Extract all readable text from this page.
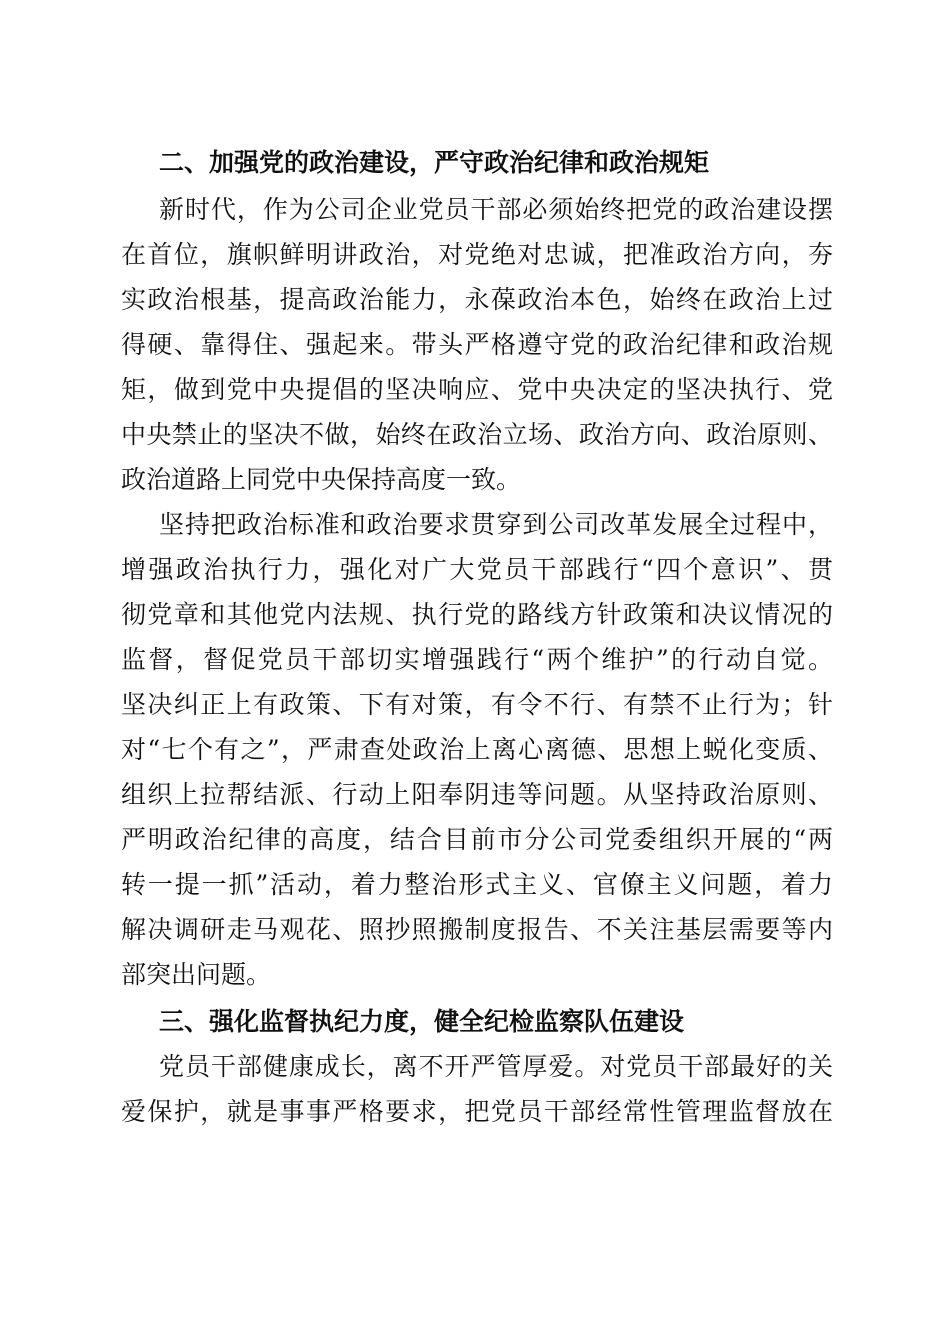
二、加强党的政治建设，严守政治纪律和政治规矩
新时代，作为公司企业党员干部必须始终把党的政治建设摆
在首位，旗帜鲜明讲政治，对党绝对忠诚，把准政治方向，夯
实政治根基，提高政治能力，永葆政治本色，始终在政治上过
得硬、靠得住、强起来。带头严格遵守党的政治纪律和政治规
矩，做到党中央提倡的坚决响应、党中央决定的坚决执行、党
中央禁止的坚决不做，始终在政治立场、政治方向、政治原则、
政治道路上同党中央保持高度一致。
坚持把政治标准和政治要求贯穿到公司改革发展全过程中，
增强政治执行力，强化对广大党员干部践行“四个意识”、贯
彻党章和其他党内法规、执行党的路线方针政策和决议情况的
监督，督促党员干部切实增强践行“两个维护”的行动自觉。
坚决纠正上有政策、下有对策，有令不行、有禁不止行为；针
对“七个有之”，严肃查处政治上离心离德、思想上蜕化变质、
组织上拉帮结派、行动上阳奉阴违等问题。从坚持政治原则、
严明政治纪律的高度，结合目前市分公司党委组织开展的“两
转一提一抓”活动，着力整治形式主义、官僚主义问题，着力
解决调研走马观花、照抄照搬制度报告、不关注基层需要等内
部突出问题。
三、强化监督执纪力度，健全纪检监察队伍建设
党员干部健康成长，离不开严管厚爱。对党员干部最好的关
爱保护，就是事事严格要求，把党员干部经常性管理监督放在
